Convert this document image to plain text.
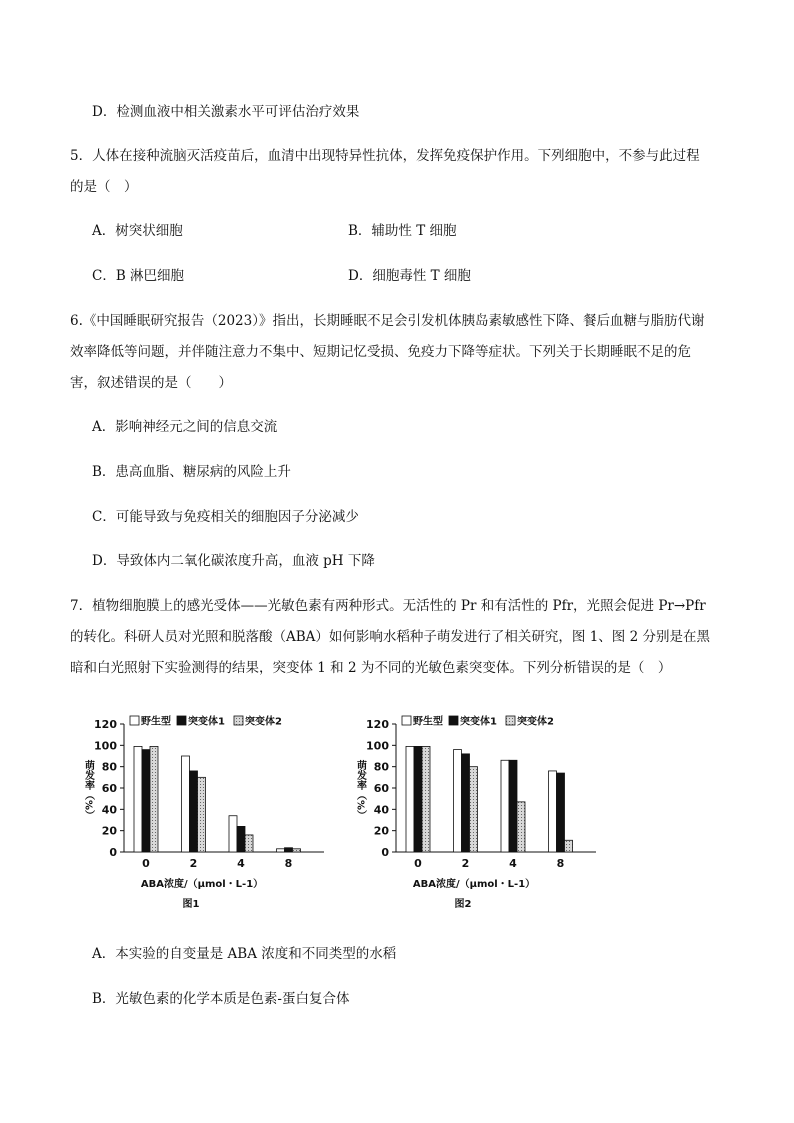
D．检测血液中相关激素水平可评估治疗效果
5．人体在接种流脑灭活疫苗后，血清中出现特异性抗体，发挥免疫保护作用。下列细胞中，不参与此过程
的是（　）
A．树突状细胞	B．辅助性 T 细胞
C．B 淋巴细胞	D．细胞毒性 T 细胞
6.《中国睡眠研究报告（2023）》指出，长期睡眠不足会引发机体胰岛素敏感性下降、餐后血糖与脂肪代谢
效率降低等问题，并伴随注意力不集中、短期记忆受损、免疫力下降等症状。下列关于长期睡眠不足的危
害，叙述错误的是（　　）
A．影响神经元之间的信息交流
B．患高血脂、糖尿病的风险上升
C．可能导致与免疫相关的细胞因子分泌减少
D．导致体内二氧化碳浓度升高，血液 pH 下降
7．植物细胞膜上的感光受体——光敏色素有两种形式。无活性的 Pr 和有活性的 Pfr，光照会促进 Pr→Pfr
的转化。科研人员对光照和脱落酸（ABA）如何影响水稻种子萌发进行了相关研究，图 1、图 2 分别是在黑
暗和白光照射下实验测得的结果，突变体 1 和 2 为不同的光敏色素突变体。下列分析错误的是（　）
0
20
40
60
80
100
120
萌发率（%）
0	2	4	8
ABA浓度/（μmol・L-1）
图1
野生型 突变体1 突变体2
0
20
40
60
80
100
120
萌发率（%）
0	2	4	8
ABA浓度/（μmol・L-1）
图2
野生型 突变体1 突变体2
A．本实验的自变量是 ABA 浓度和不同类型的水稻
B．光敏色素的化学本质是色素-蛋白复合体
